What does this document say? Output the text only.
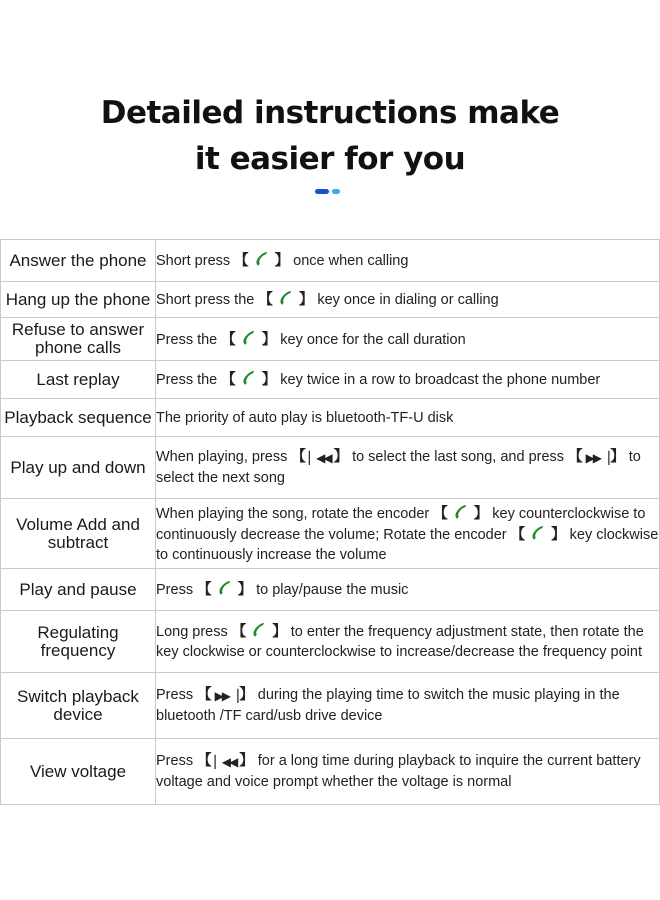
Detailed instructions make
it easier for you
Answer the phone	Short press 【 】 once when calling
Hang up the phone	Short press the 【 】 key once in dialing or calling
Refuse to answer phone calls	Press the 【 】 key once for the call duration
Last replay	Press the 【 】 key twice in a row to broadcast the phone number
Playback sequence	The priority of auto play is bluetooth-TF-U disk
Play up and down	When playing, press 【 ▏◀◀ 】 to select the last song, and press 【 ▶▶▕ 】 to select the next song
Volume Add and subtract	When playing the song, rotate the encoder 【 】 key counterclockwise to continuously decrease the volume; Rotate the encoder 【 】 key clockwise to continuously increase the volume
Play and pause	Press 【 】 to play/pause the music
Regulating frequency	Long press 【 】 to enter the frequency adjustment state, then rotate the key clockwise or counterclockwise to increase/decrease the frequency point
Switch playback device	Press 【 ▶▶▕ 】 during the playing time to switch the music playing in the bluetooth /TF card/usb drive device
View voltage	Press 【 ▏◀◀ 】 for a long time during playback to inquire the current battery voltage and voice prompt whether the voltage is normal
